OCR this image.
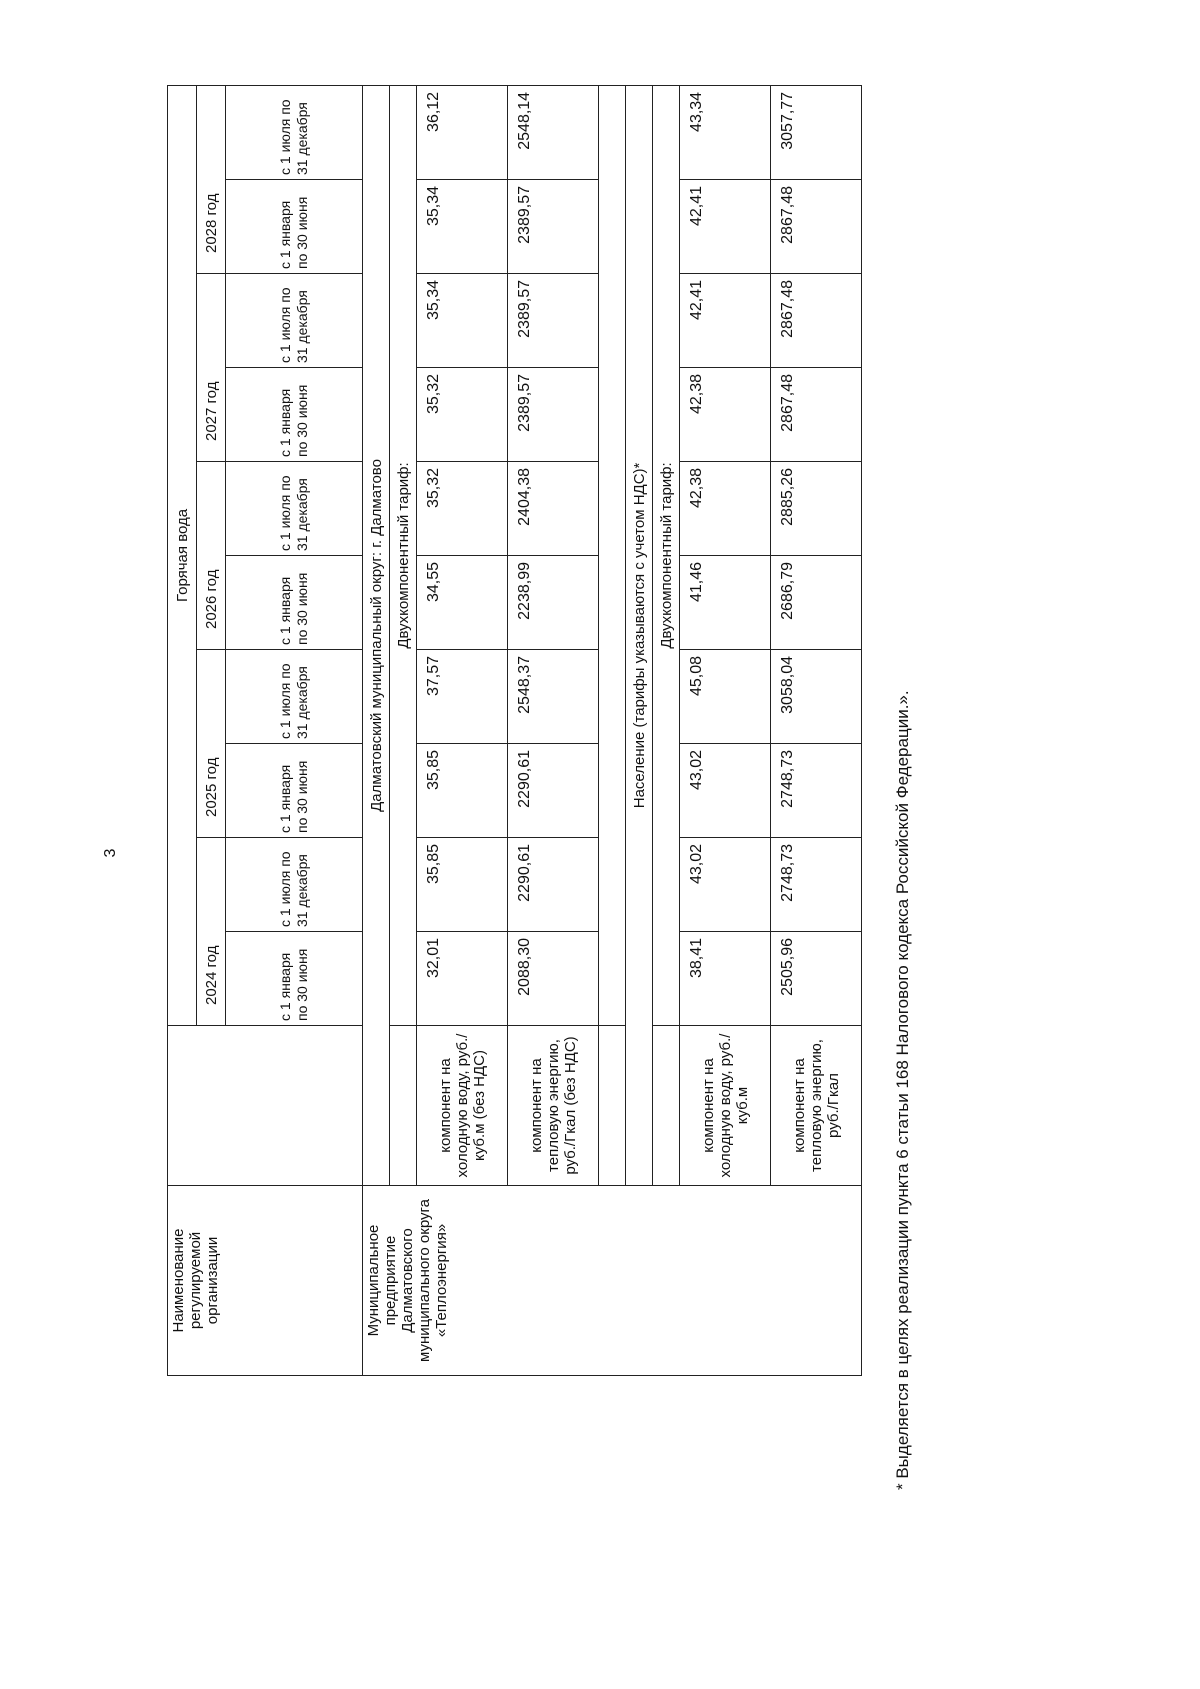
3
Наименование регулируемой организации		Горячая вода									
		2024 год		2025 год		2026 год		2027 год		2028 год	
		с 1 января по 30 июня	с 1 июля по 31 декабря	с 1 января по 30 июня	с 1 июля по 31 декабря	с 1 января по 30 июня	с 1 июля по 31 декабря	с 1 января по 30 июня	с 1 июля по 31 декабря	с 1 января по 30 июня	с 1 июля по 31 декабря
Муниципальное предприятие Далматовского муниципального округа «Теплоэнергия»	Далматовский муниципальный округ: г. Далматово										
		Двухкомпонентный тариф:									
	компонент на холодную воду, руб./куб.м (без НДС)	32,01	35,85	35,85	37,57	34,55	35,32	35,32	35,34	35,34	36,12
	компонент на тепловую энергию, руб./Гкал (без НДС)	2088,30	2290,61	2290,61	2548,37	2238,99	2404,38	2389,57	2389,57	2389,57	2548,14

	Население (тарифы указываются с учетом НДС)*										
		Двухкомпонентный тариф:									
	компонент на холодную воду, руб./куб.м	38,41	43,02	43,02	45,08	41,46	42,38	42,38	42,41	42,41	43,34
	компонент на тепловую энергию, руб./Гкал	2505,96	2748,73	2748,73	3058,04	2686,79	2885,26	2867,48	2867,48	2867,48	3057,77
* Выделяется в целях реализации пункта 6 статьи 168 Налогового кодекса Российской Федерации.».
